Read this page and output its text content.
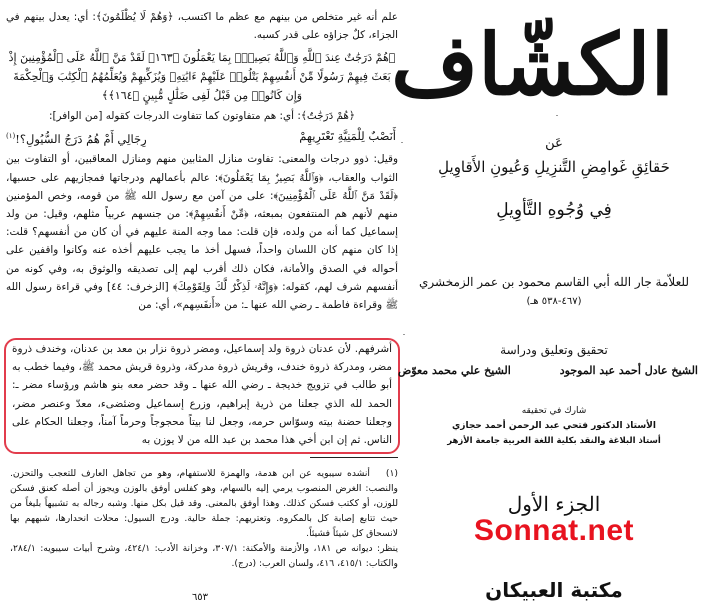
علم أنه غير متخلص من بينهم مع عظم ما اكتسب، ﴿وَهُمْ لَا يُظْلَمُونَ﴾: أي: يعدل بينهم في الجزاء، كلٌ جزاؤه على قدر كسبه.

﴿هُمْ دَرَجَٰتٌ عِندَ ٱللَّهِ وَٱللَّهُ بَصِيرٌۢ بِمَا يَعْمَلُونَ ﴿١٦٣﴾ لَقَدْ مَنَّ ٱللَّهُ عَلَى ٱلْمُؤْمِنِينَ إِذْ بَعَثَ فِيهِمْ رَسُولًا مِّنْ أَنفُسِهِمْ يَتْلُوا۟ عَلَيْهِمْ ءَايَٰتِهِۦ وَيُزَكِّيهِمْ وَيُعَلِّمُهُمُ ٱلْكِتَٰبَ وَٱلْحِكْمَةَ وَإِن كَانُوا۟ مِن قَبْلُ لَفِى ضَلَٰلٍ مُّبِينٍ ﴿١٦٤﴾﴾

﴿هُمْ دَرَجَٰتٌ﴾: أي: هم متفاوتون كما تتفاوت الدرجات كقوله [من الوافر]:

أَنَصْبٌ لِلْمَنِيَّةِ تَعْتَرِيهِمْ
رِجَالِي أَمْ هُمُ دَرَجُ السُّيُولِ؟!$^{(١)}$

وقيل: ذوو درجات والمعنى: تفاوت منازل المثابين منهم ومنازل المعاقبين، أو التفاوت بين الثواب والعقاب، ﴿وَٱللَّهُ بَصِيرٌۢ بِمَا يَعْمَلُونَ﴾: عالم بأعمالهم ودرجاتها فمجازيهم على حسبها، ﴿لَقَدْ مَنَّ ٱللَّهُ عَلَى ٱلْمُؤْمِنِينَ﴾: على من آمن مع رسول الله ﷺ من قومه، وخص المؤمنين منهم لأنهم هم المنتفعون بمبعثه، ﴿مِّنْ أَنفُسِهِمْ﴾: من جنسهم عربياً مثلهم، وقيل: من ولد إسماعيل كما أنه من ولده، فإن قلت: مما وجه المنة عليهم في أن كان من أنفسهم؟ قلت: إذا كان منهم كان اللسان واحداً، فسهل أخذ ما يجب عليهم أخذه عنه وكانوا واقفين على أحواله في الصدق والأمانة، فكان ذلك أقرب لهم إلى تصديقه والوثوق به، وفي كونه من أنفسهم شرف لهم، كقوله: ﴿وَإِنَّهُۥ لَذِكْرٌ لَّكَ وَلِقَوْمِكَ﴾ [الزخرف: ٤٤] وفي قراءة رسول الله ﷺ وقراءة فاطمة ـ رضي الله عنها ـ: من «أَنفَسِهم»، أي: من

أشرفهم. لأن عدنان ذروة ولد إسماعيل، ومضر ذروة نزار بن معد بن عدنان، وخندف ذروة مضر، ومدركة ذروة خندف، وقريش ذروة مدركة، وذروة قريش محمد ﷺ، وفيما خطب به أبو طالب في تزويج خديجة ـ رضي الله عنها ـ وقد حضر معه بنو هاشم ورؤساء مضر ـ: الحمد لله الذي جعلنا من ذرية إبراهيم، وزرع إسماعيل وضئضىء، معدّ وعنصر مضر، وجعلنا حضنة بيته وسوّاس حرمه، وجعل لنا بيتاً محجوجاً وحرماً آمناً، وجعلنا الحكام على الناس. ثم إن ابن أخي هذا محمد بن عبد الله من لا يوزن به

(١)أنشده سيبويه عن ابن هدمة، والهمزة للاستفهام، وهو من تجاهل العارف للتعجب والتحزن. والنصب: الغرض المنصوب يرمي إليه بالسهام، وهو كفلس أوفق بالوزن ويجوز أن أصله كعنق فسكن للوزن، أو ككتب فسكن كذلك. وهذا أوفق بالمعنى. وقد قيل بكل منها. وشبه رجاله به تشبيهاً بليغاً من حيث تتابع إصابة كل بالمكروه. وتعتريهم: جملة حالية. ودرج السيول: محلات انحدارها، شبههم بها لانسحاق كل شيئاً فشيئاً.

ينظر: ديوانه ص ١٨١، والأزمنة والأمكنة: ٣٠٧/١، وخزانة الأدب: ٤٢٤/١، وشرح أبيات سيبويه: ٢٨٤/١، والكتاب: ٤١٥/١، ٤١٦، ولسان العرب: (درج).

٦٥٣
الكشّاف
عَن
حَقائِقِ غَوامِضِ التَّنزِيلِ وَعُيونِ الأَقاوِيلِ
فِي وُجُوهِ التَّأوِيلِ
للعلاّمة جار الله أبي القاسم محمود بن عمر الزمخشري
(٤٦٧-٥٣٨ هـ)
تحقيق وتعليق ودراسة
الشيخ عادل أحمد عبد الموجود
الشيخ علي محمد معوّض
شارك في تحقيقه
الأستاذ الدكتور فتحي عبد الرحمن أحمد حجازي
أستاذ البلاغة والنقد بكلية اللغة العربية جامعة الأزهر
الجزء الأول
Sonnat.net
مكتبة العبيكان
